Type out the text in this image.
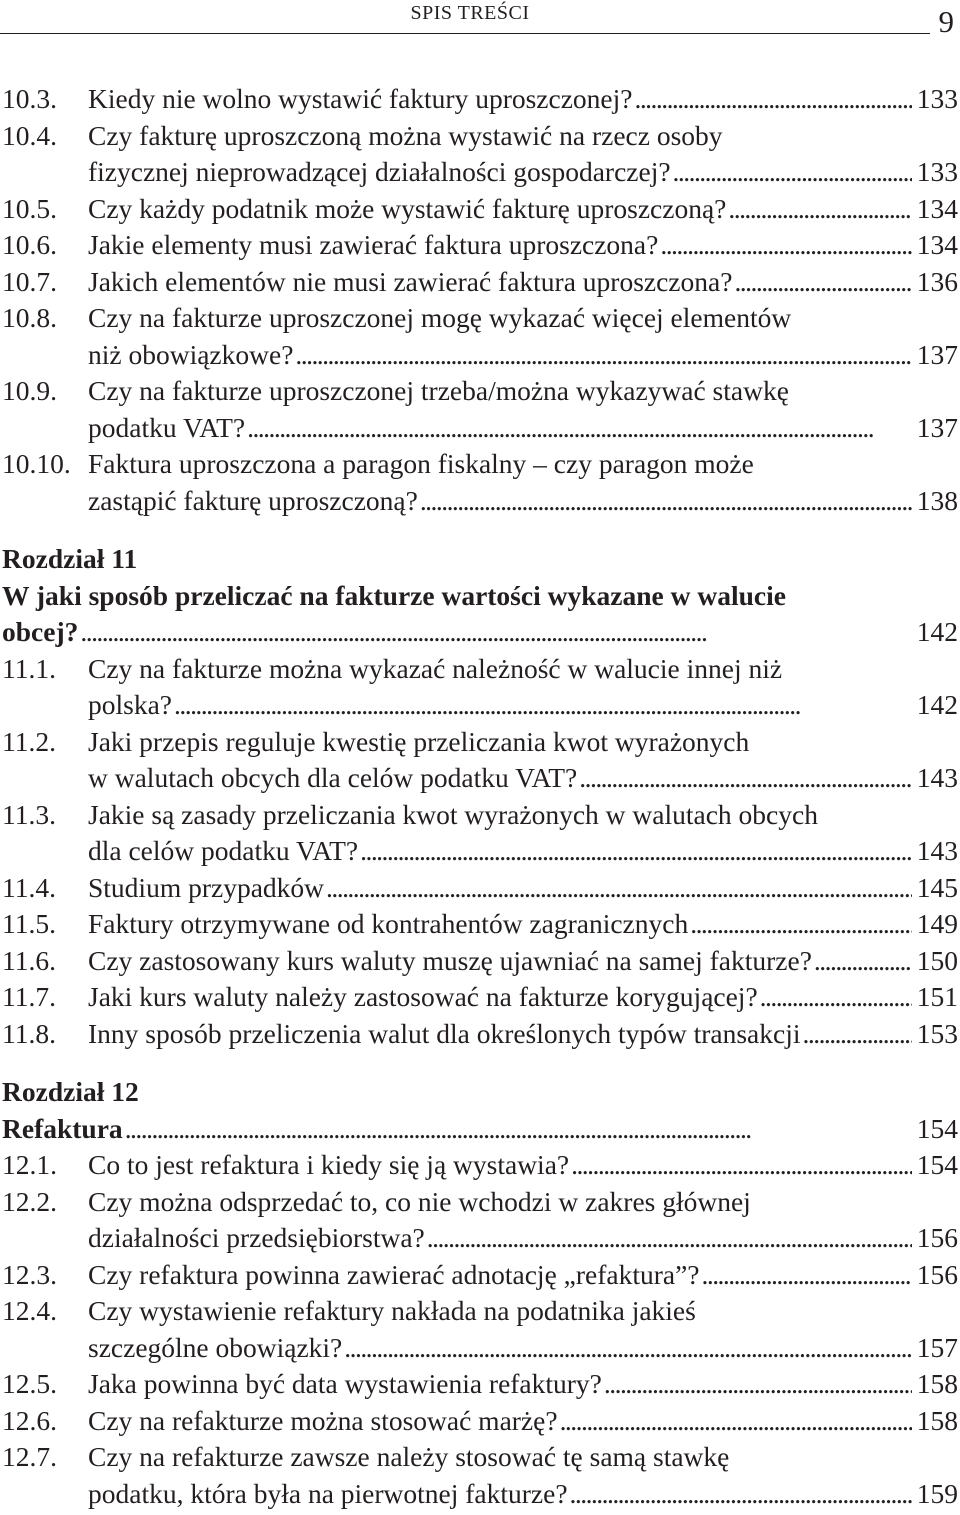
SPIS TREŚCI	9
10.3.	Kiedy nie wolno wystawić faktury uproszczonej? . . .	133
10.4.	Czy fakturę uproszczoną można wystawić na rzecz osoby
fizycznej nieprowadzącej działalności gospodarczej? . . .	133
10.5.	Czy każdy podatnik może wystawić fakturę uproszczoną? . . .	134
10.6.	Jakie elementy musi zawierać faktura uproszczona? . . .	134
10.7.	Jakich elementów nie musi zawierać faktura uproszczona? . . .	136
10.8.	Czy na fakturze uproszczonej mogę wykazać więcej elementów
niż obowiązkowe? . . .	137
10.9.	Czy na fakturze uproszczonej trzeba/można wykazywać stawkę
podatku VAT? . . .	137
10.10. Faktura uproszczona a paragon fiskalny – czy paragon może
zastąpić fakturę uproszczoną? . . .	138
Rozdział 11
W jaki sposób przeliczać na fakturze wartości wykazane w walucie
obcej? . . .	142
11.1.	Czy na fakturze można wykazać należność w walucie innej niż
polska? . . .	142
11.2.	Jaki przepis reguluje kwestię przeliczania kwot wyrażonych
w walutach obcych dla celów podatku VAT? . . .	143
11.3.	Jakie są zasady przeliczania kwot wyrażonych w walutach obcych
dla celów podatku VAT? . . .	143
11.4.	Studium przypadków . . .	145
11.5.	Faktury otrzymywane od kontrahentów zagranicznych . . .	149
11.6.	Czy zastosowany kurs waluty muszę ujawniać na samej fakturze? . . .	150
11.7.	Jaki kurs waluty należy zastosować na fakturze korygującej? . . .	151
11.8.	Inny sposób przeliczenia walut dla określonych typów transakcji . . .	153
Rozdział 12
Refaktura . . .	154
12.1.	Co to jest refaktura i kiedy się ją wystawia? . . .	154
12.2.	Czy można odsprzedać to, co nie wchodzi w zakres głównej
działalności przedsiębiorstwa? . . .	156
12.3.	Czy refaktura powinna zawierać adnotację „refaktura”? . . .	156
12.4.	Czy wystawienie refaktury nakłada na podatnika jakieś
szczególne obowiązki? . . .	157
12.5.	Jaka powinna być data wystawienia refaktury? . . .	158
12.6.	Czy na refakturze można stosować marżę? . . .	158
12.7.	Czy na refakturze zawsze należy stosować tę samą stawkę
podatku, która była na pierwotnej fakturze? . . .	159
